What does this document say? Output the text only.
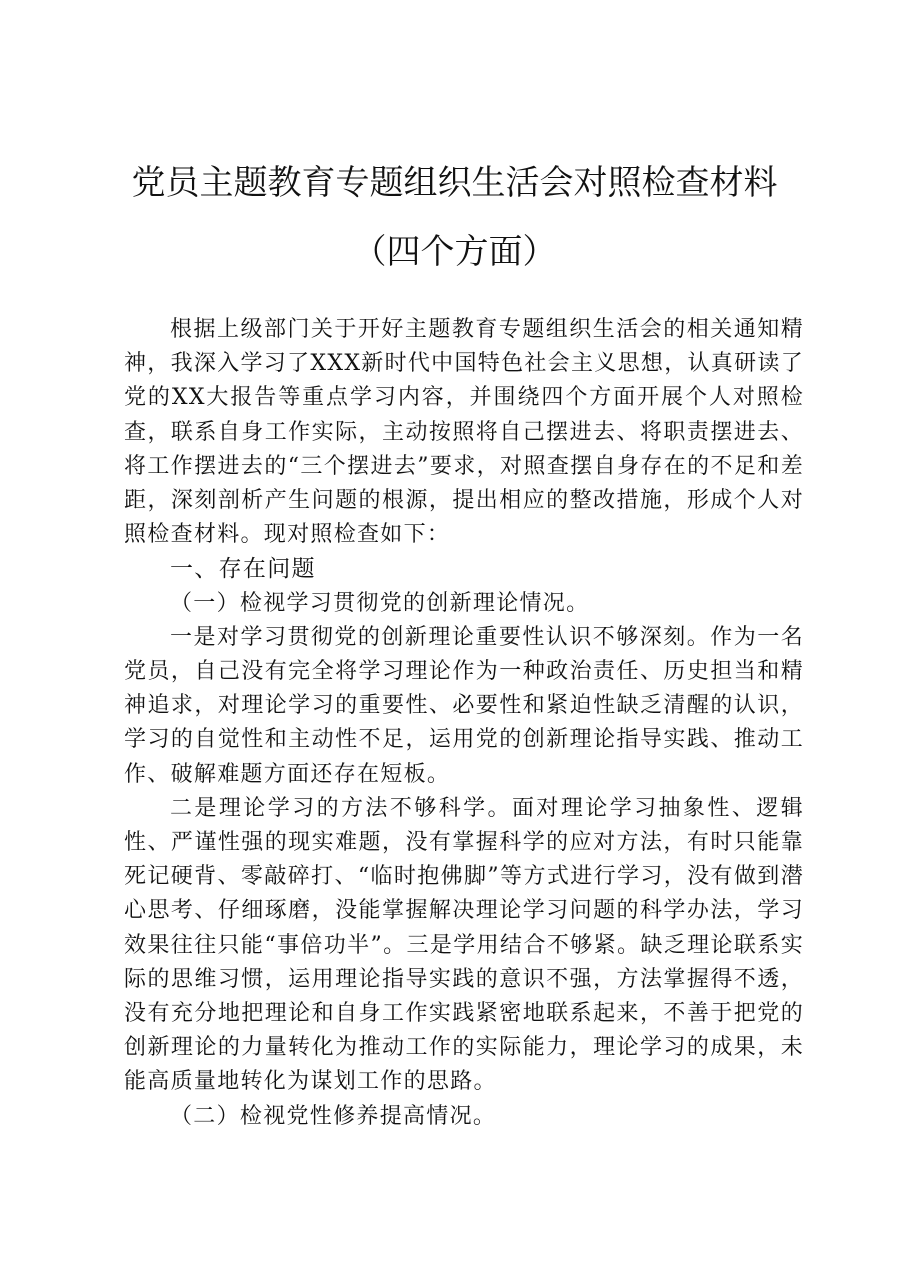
党员主题教育专题组织生活会对照检查材料
（四个方面）

根据上级部门关于开好主题教育专题组织生活会的相关通知精神，我深入学习了XXX新时代中国特色社会主义思想，认真研读了党的XX大报告等重点学习内容，并围绕四个方面开展个人对照检查，联系自身工作实际，主动按照将自己摆进去、将职责摆进去、将工作摆进去的“三个摆进去”要求，对照查摆自身存在的不足和差距，深刻剖析产生问题的根源，提出相应的整改措施，形成个人对照检查材料。现对照检查如下：

一、存在问题

（一）检视学习贯彻党的创新理论情况。

一是对学习贯彻党的创新理论重要性认识不够深刻。作为一名党员，自己没有完全将学习理论作为一种政治责任、历史担当和精神追求，对理论学习的重要性、必要性和紧迫性缺乏清醒的认识，学习的自觉性和主动性不足，运用党的创新理论指导实践、推动工作、破解难题方面还存在短板。

二是理论学习的方法不够科学。面对理论学习抽象性、逻辑性、严谨性强的现实难题，没有掌握科学的应对方法，有时只能靠死记硬背、零敲碎打、“临时抱佛脚”等方式进行学习，没有做到潜心思考、仔细琢磨，没能掌握解决理论学习问题的科学办法，学习效果往往只能“事倍功半”。三是学用结合不够紧。缺乏理论联系实际的思维习惯，运用理论指导实践的意识不强，方法掌握得不透，没有充分地把理论和自身工作实践紧密地联系起来，不善于把党的创新理论的力量转化为推动工作的实际能力，理论学习的成果，未能高质量地转化为谋划工作的思路。

（二）检视党性修养提高情况。
